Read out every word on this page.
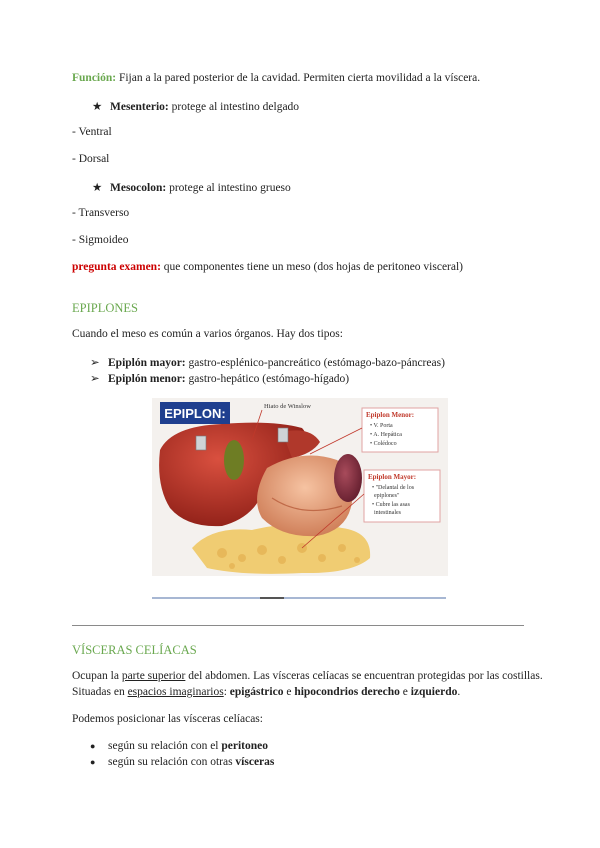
Función: Fijan a la pared posterior de la cavidad. Permiten cierta movilidad a la víscera.
★ Mesenterio: protege al intestino delgado
- Ventral
- Dorsal
★ Mesocolon: protege al intestino grueso
- Transverso
- Sigmoideo
pregunta examen: que componentes tiene un meso (dos hojas de peritoneo visceral)
EPIPLONES
Cuando el meso es común a varios órganos. Hay dos tipos:
➢ Epiplón mayor: gastro-esplénico-pancreático (estómago-bazo-páncreas)
➢ Epiplón menor: gastro-hepático (estómago-hígado)
EPIPLON:	Hiato de Winslow
Epiplon Menor:
• V. Porta
• A. Hepática
• Colédoco
Epiplon Mayor:
• "Delantal de los
epiplones"
• Cubre las asas
intestinales
VÍSCERAS CELÍACAS
Ocupan la parte superior del abdomen. Las vísceras celíacas se encuentran protegidas por las costillas.
Situadas en espacios imaginarios: epigástrico e hipocondrios derecho e izquierdo.
Podemos posicionar las vísceras celíacas:
● según su relación con el peritoneo
● según su relación con otras vísceras
